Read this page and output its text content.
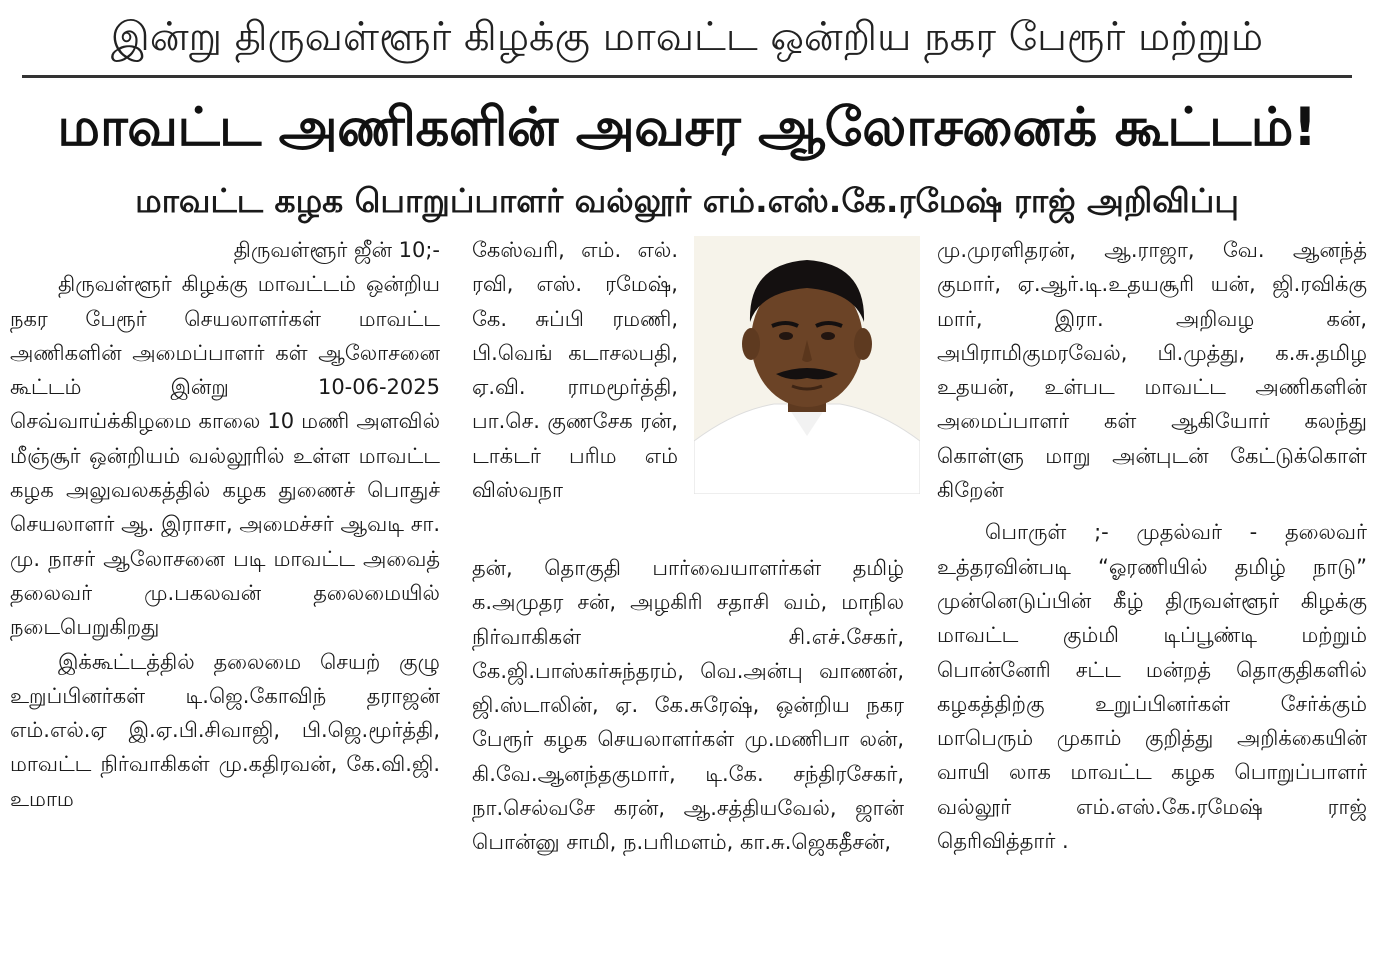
இன்று திருவள்ளூர் கிழக்கு மாவட்ட ஒன்றிய நகர பேரூர் மற்றும்
மாவட்ட அணிகளின் அவசர ஆலோசனைக் கூட்டம்!
மாவட்ட கழக பொறுப்பாளர் வல்லூர் எம்.எஸ்.கே.ரமேஷ் ராஜ் அறிவிப்பு

திருவள்ளூர் ஜீன் 10;-

திருவள்ளூர் கிழக்கு மாவட்டம் ஒன்றிய நகர பேரூர் செயலாளர்கள் மாவட்ட அணிகளின் அமைப்பாளர் கள் ஆலோசனை கூட்டம் இன்று 10-06-2025 செவ்வாய்க்கிழமை காலை 10 மணி அளவில் மீஞ்சூர் ஒன்றியம் வல்லூரில் உள்ள மாவட்ட கழக அலுவலகத்தில் கழக துணைச் பொதுச் செயலாளர் ஆ. இராசா, அமைச்சர் ஆவடி சா. மு. நாசர் ஆலோசனை படி மாவட்ட அவைத் தலைவர் மு.பகலவன் தலைமையில் நடைபெறுகிறது

இக்கூட்டத்தில் தலைமை செயற் குழு உறுப்பினர்கள் டி.ஜெ.கோவிந் தராஜன் எம்.எல்.ஏ இ.ஏ.பி.சிவாஜி, பி.ஜெ.மூர்த்தி, மாவட்ட நிர்வாகிகள் மு.கதிரவன், கே.வி.ஜி. உமாம

கேஸ்வரி, எம். எல். ரவி, எஸ். ரமேஷ், கே. சுப்பி ரமணி, பி.வெங் கடாசலபதி, ஏ.வி. ராமமூர்த்தி, பா.செ. குணசேக ரன், டாக்டர் பரிம எம் விஸ்வநா

தன், தொகுதி பார்வையாளர்கள் தமிழ் க.அமுதர சன், அழகிரி சதாசி வம், மாநில நிர்வாகிகள் சி.எச்.சேகர், கே.ஜி.பாஸ்கர்சுந்தரம், வெ.அன்பு வாணன், ஜி.ஸ்டாலின், ஏ. கே.சுரேஷ், ஒன்றிய நகர பேரூர் கழக செயலாளர்கள் மு.மணிபா லன், கி.வே.ஆனந்தகுமார், டி.கே. சந்திரசேகர், நா.செல்வசே கரன், ஆ.சத்தியவேல், ஜான் பொன்னு சாமி, ந.பரிமளம், கா.சு.ஜெகதீசன்,

மு.முரளிதரன், ஆ.ராஜா, வே. ஆனந்த் குமார், ஏ.ஆர்.டி.உதயசூரி யன், ஜி.ரவிக்கு மார், இரா. அறிவழ கன், அபிராமிகுமரவேல், பி.முத்து, க.சு.தமிழ உதயன், உள்பட மாவட்ட அணிகளின் அமைப்பாளர் கள் ஆகியோர் கலந்து கொள்ளு மாறு அன்புடன் கேட்டுக்கொள் கிறேன்

பொருள் ;- முதல்வர் - தலைவர் உத்தரவின்படி “ஓரணியில் தமிழ் நாடு” முன்னெடுப்பின் கீழ் திருவள்ளூர் கிழக்கு மாவட்ட கும்மி டிப்பூண்டி மற்றும் பொன்னேரி சட்ட மன்றத் தொகுதிகளில் கழகத்திற்கு உறுப்பினர்கள் சேர்க்கும் மாபெரும் முகாம் குறித்து அறிக்கையின் வாயி லாக மாவட்ட கழக பொறுப்பாளர் வல்லூர் எம்.எஸ்.கே.ரமேஷ் ராஜ் தெரிவித்தார் .
